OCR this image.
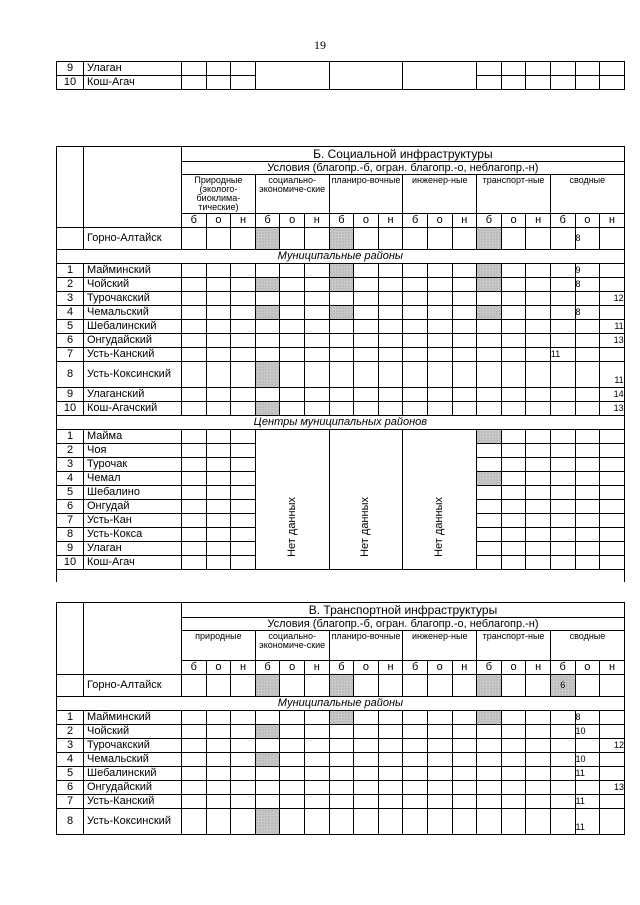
19
9	Улаган																		
10	Кош-Агач															
		Б. Социальной инфраструктуры																		
		Условия (благопр.-б, огран. благопр.-о, неблагопр.-н)																		
		Природные (эколого-биоклима-тические)			социально-экономиче-ские			планиро-вочные			инженер-ные			транспорт-ные			сводные			
		б	о	н	б	о	н	б	о	н	б	о	н	б	о	н	б	о	н	
	Горно-Алтайск																	8		
Муниципальные районы																				
1	Майминский																	9		
2	Чойский																	8		
3	Турочакский																		12	
4	Чемальский																	8		
5	Шебалинский																		11	
6	Онгудайский																		13	
7	Усть-Канский																11			
8	Усть-Коксинский																		11	
9	Улаганский																		14	
10	Кош-Агачский																		13	
Центры муниципальных районов																				
1	Майма				Нет данных			Нет данных			Нет данных												
2	Чоя															
3	Турочак															
4	Чемал															
5	Шебалино															
6	Онгудай															
7	Усть-Кан															
8	Усть-Кокса															
9	Улаган															
10	Кош-Агач															

		В. Транспортной инфраструктуры																	
		Условия (благопр.-б, огран. благопр.-о, неблагопр.-н)																	
		природные			социально-экономиче-ские			планиро-вочные			инженер-ные			транспорт-ные			сводные		
		б	о	н	б	о	н	б	о	н	б	о	н	б	о	н	б	о	н
	Горно-Алтайск																6		
Муниципальные районы																			
1	Майминский																	8	
2	Чойский																	10	
3	Турочакский																		12
4	Чемальский																	10	
5	Шебалинский																	11	
6	Онгудайский																		13
7	Усть-Канский																	11	
8	Усть-Коксинский																	11	
